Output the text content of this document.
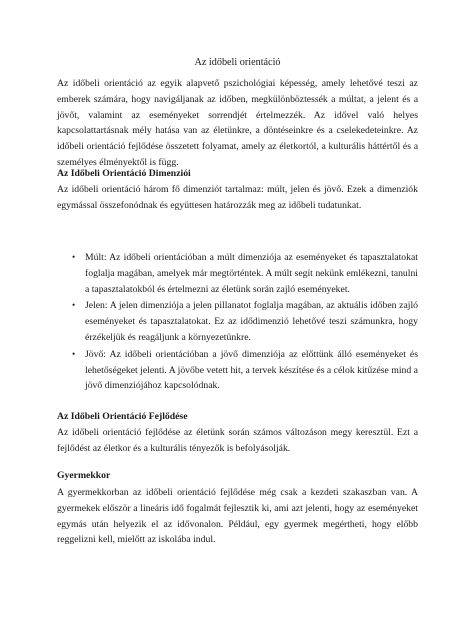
Az időbeli orientáció

Az időbeli orientáció az egyik alapvető pszichológiai képesség, amely lehetővé teszi az emberek számára, hogy navigáljanak az időben, megkülönböztessék a múltat, a jelent és a jövőt, valamint az eseményeket sorrendjét értelmezzék. Az idővel való helyes kapcsolattartásnak mély hatása van az életünkre, a döntéseinkre és a cselekedeteinkre. Az időbeli orientáció fejlődése összetett folyamat, amely az életkortól, a kulturális háttértől és a személyes élményektől is függ.

Az Időbeli Orientáció Dimenziói

Az időbeli orientáció három fő dimenziót tartalmaz: múlt, jelen és jövő. Ezek a dimenziók egymással összefonódnak és együttesen határozzák meg az időbeli tudatunkat.

• Múlt: Az időbeli orientációban a múlt dimenziója az eseményeket és tapasztalatokat foglalja magában, amelyek már megtörténtek. A múlt segít nekünk emlékezni, tanulni a tapasztalatokból és értelmezni az életünk során zajló eseményeket.
• Jelen: A jelen dimenziója a jelen pillanatot foglalja magában, az aktuális időben zajló eseményeket és tapasztalatokat. Ez az idődimenzió lehetővé teszi számunkra, hogy érzékeljük és reagáljunk a környezetünkre.
• Jövő: Az időbeli orientációban a jövő dimenziója az előttünk álló eseményeket és lehetőségeket jelenti. A jövőbe vetett hit, a tervek készítése és a célok kitűzése mind a jövő dimenziójához kapcsolódnak.

Az Időbeli Orientáció Fejlődése

Az időbeli orientáció fejlődése az életünk során számos változáson megy keresztül. Ezt a fejlődést az életkor és a kulturális tényezők is befolyásolják.

Gyermekkor

A gyermekkorban az időbeli orientáció fejlődése még csak a kezdeti szakaszban van. A gyermekek először a lineáris idő fogalmát fejlesztik ki, ami azt jelenti, hogy az eseményeket egymás után helyezik el az idővonalon. Például, egy gyermek megértheti, hogy előbb reggelizni kell, mielőtt az iskolába indul.
